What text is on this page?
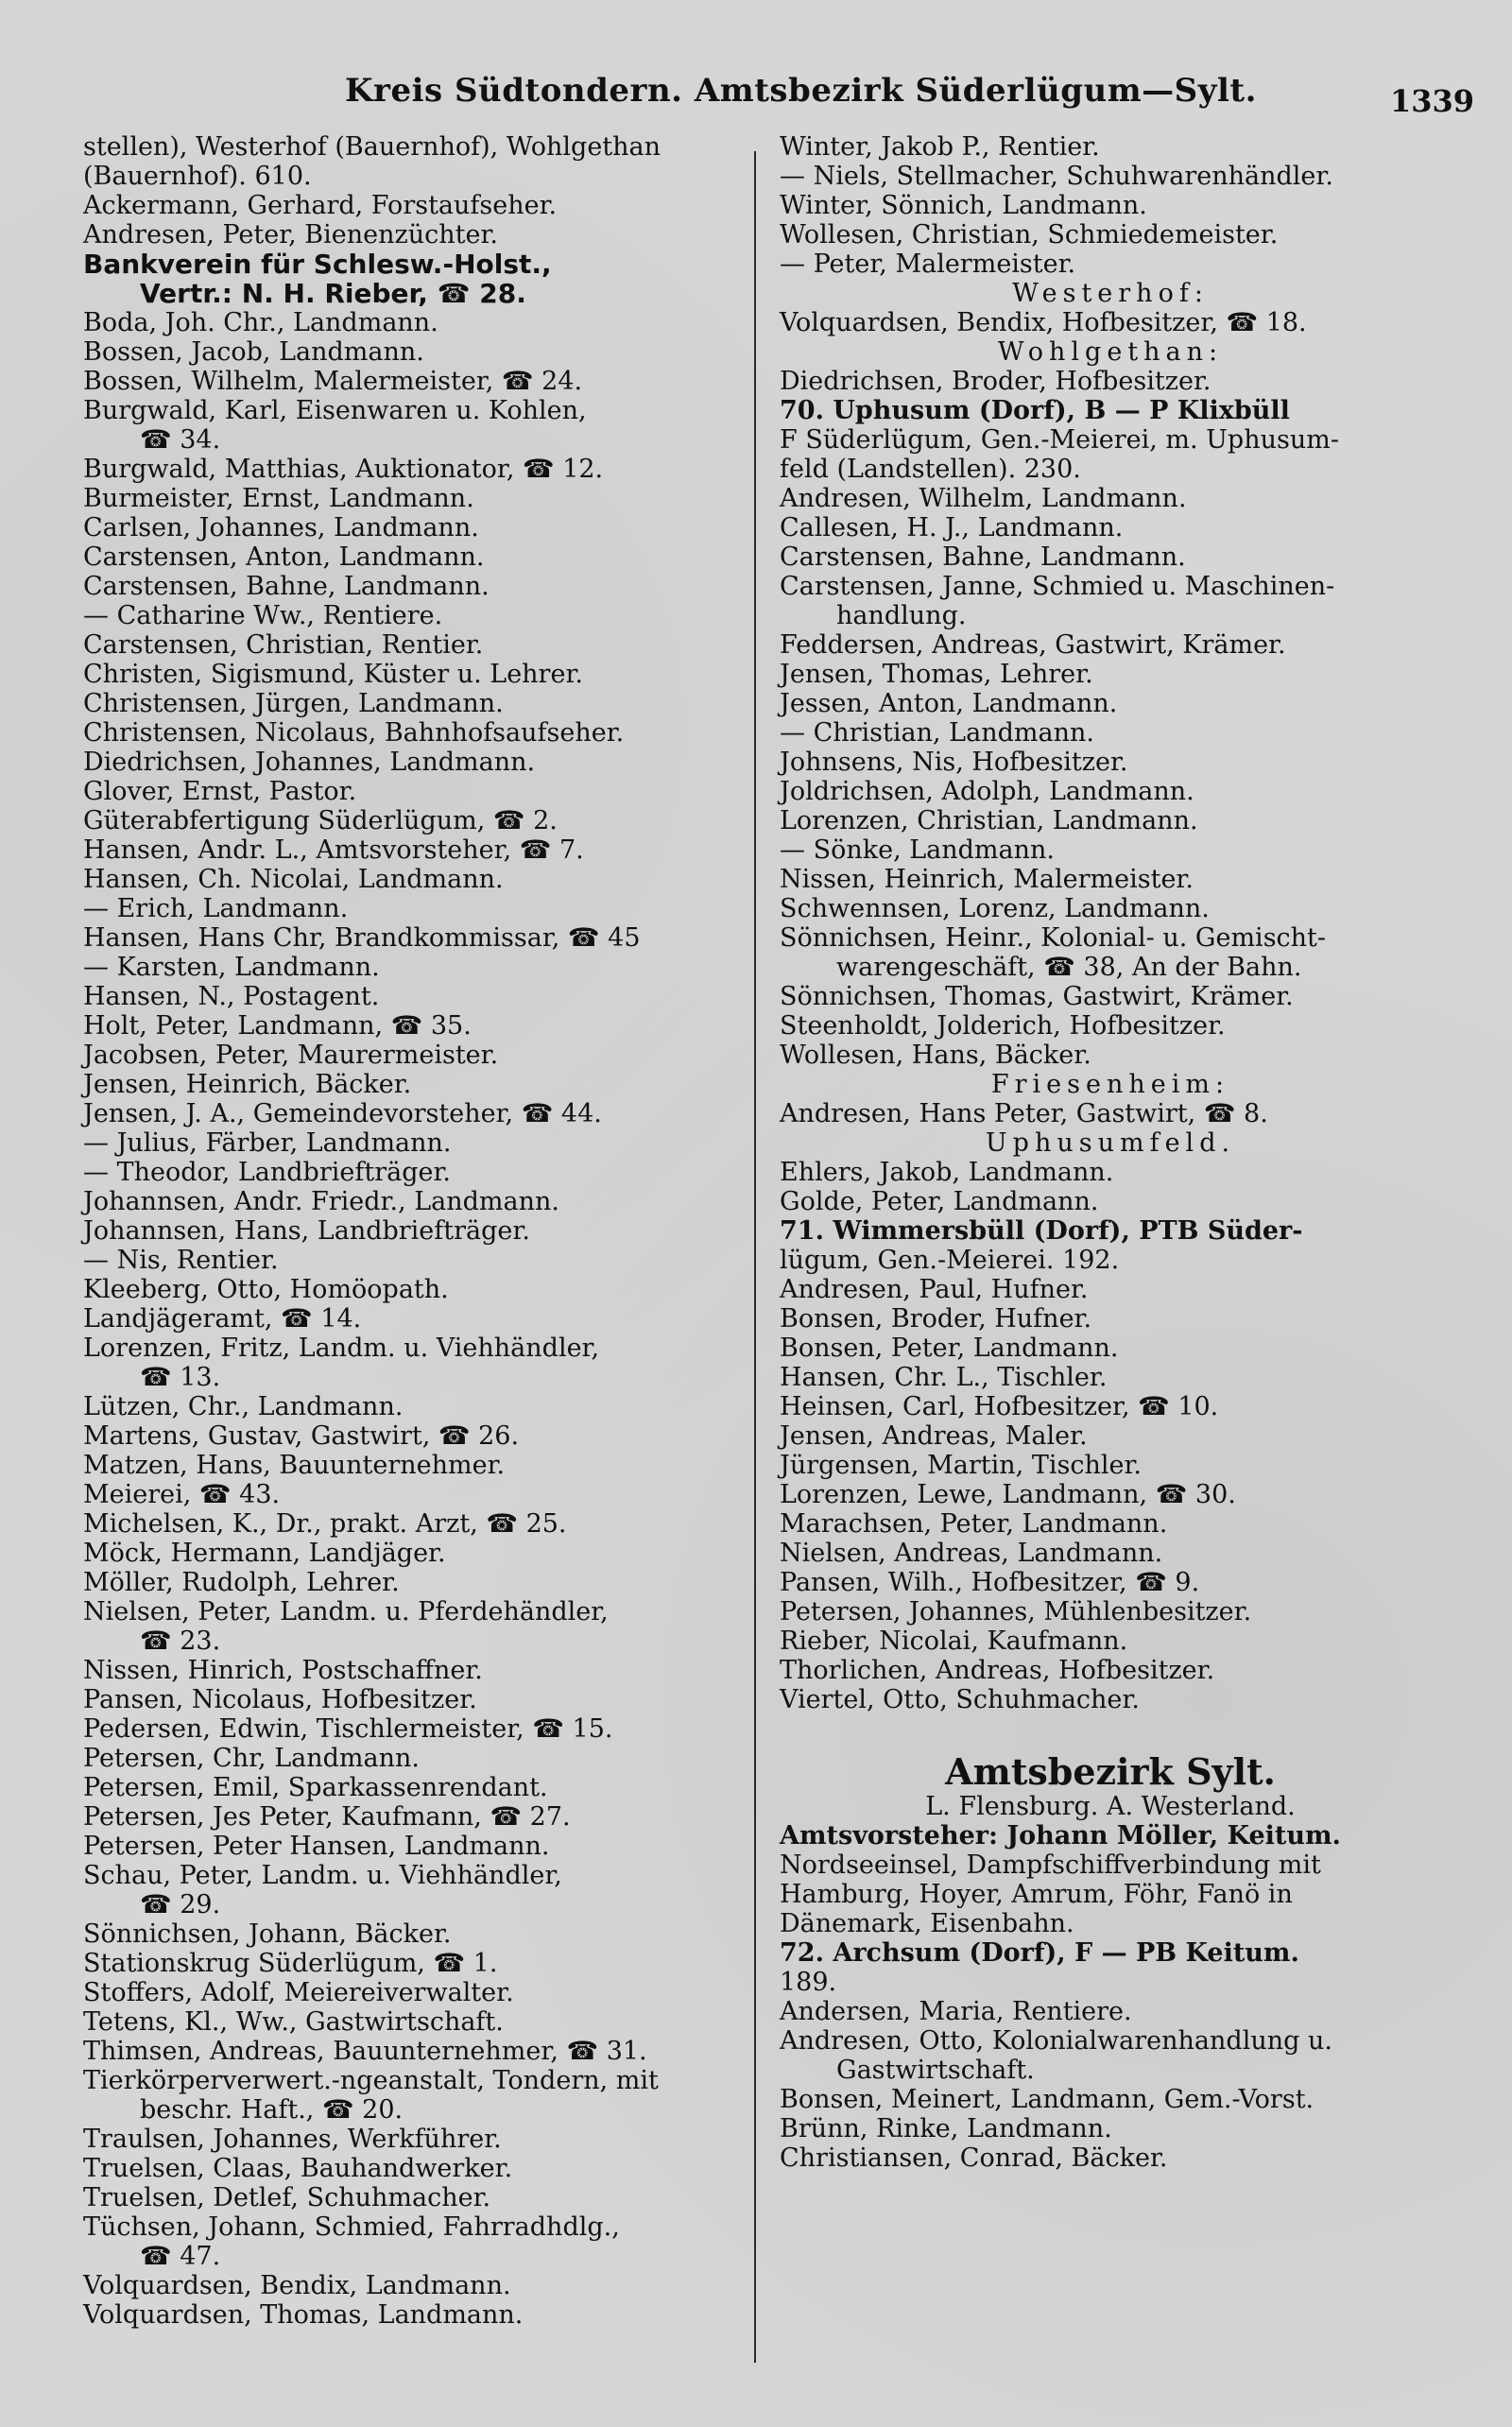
Kreis Südtondern. Amtsbezirk Süderlügum—Sylt.	1339
stellen), Westerhof (Bauernhof), Wohlgethan
(Bauernhof). 610.
Ackermann, Gerhard, Forstaufseher.
Andresen, Peter, Bienenzüchter.
Bankverein für Schlesw.-Holst.,
Vertr.: N. H. Rieber, ☎ 28.
Boda, Joh. Chr., Landmann.
Bossen, Jacob, Landmann.
Bossen, Wilhelm, Malermeister, ☎ 24.
Burgwald, Karl, Eisenwaren u. Kohlen,
☎ 34.
Burgwald, Matthias, Auktionator, ☎ 12.
Burmeister, Ernst, Landmann.
Carlsen, Johannes, Landmann.
Carstensen, Anton, Landmann.
Carstensen, Bahne, Landmann.
— Catharine Ww., Rentiere.
Carstensen, Christian, Rentier.
Christen, Sigismund, Küster u. Lehrer.
Christensen, Jürgen, Landmann.
Christensen, Nicolaus, Bahnhofsaufseher.
Diedrichsen, Johannes, Landmann.
Glover, Ernst, Pastor.
Güterabfertigung Süderlügum, ☎ 2.
Hansen, Andr. L., Amtsvorsteher, ☎ 7.
Hansen, Ch. Nicolai, Landmann.
— Erich, Landmann.
Hansen, Hans Chr, Brandkommissar, ☎ 45
— Karsten, Landmann.
Hansen, N., Postagent.
Holt, Peter, Landmann, ☎ 35.
Jacobsen, Peter, Maurermeister.
Jensen, Heinrich, Bäcker.
Jensen, J. A., Gemeindevorsteher, ☎ 44.
— Julius, Färber, Landmann.
— Theodor, Landbriefträger.
Johannsen, Andr. Friedr., Landmann.
Johannsen, Hans, Landbriefträger.
— Nis, Rentier.
Kleeberg, Otto, Homöopath.
Landjägeramt, ☎ 14.
Lorenzen, Fritz, Landm. u. Viehhändler,
☎ 13.
Lützen, Chr., Landmann.
Martens, Gustav, Gastwirt, ☎ 26.
Matzen, Hans, Bauunternehmer.
Meierei, ☎ 43.
Michelsen, K., Dr., prakt. Arzt, ☎ 25.
Möck, Hermann, Landjäger.
Möller, Rudolph, Lehrer.
Nielsen, Peter, Landm. u. Pferdehändler,
☎ 23.
Nissen, Hinrich, Postschaffner.
Pansen, Nicolaus, Hofbesitzer.
Pedersen, Edwin, Tischlermeister, ☎ 15.
Petersen, Chr, Landmann.
Petersen, Emil, Sparkassenrendant.
Petersen, Jes Peter, Kaufmann, ☎ 27.
Petersen, Peter Hansen, Landmann.
Schau, Peter, Landm. u. Viehhändler,
☎ 29.
Sönnichsen, Johann, Bäcker.
Stationskrug Süderlügum, ☎ 1.
Stoffers, Adolf, Meiereiverwalter.
Tetens, Kl., Ww., Gastwirtschaft.
Thimsen, Andreas, Bauunternehmer, ☎ 31.
Tierkörperverwert.-ngeanstalt, Tondern, mit
beschr. Haft., ☎ 20.
Traulsen, Johannes, Werkführer.
Truelsen, Claas, Bauhandwerker.
Truelsen, Detlef, Schuhmacher.
Tüchsen, Johann, Schmied, Fahrradhdlg.,
☎ 47.
Volquardsen, Bendix, Landmann.
Volquardsen, Thomas, Landmann.
Winter, Jakob P., Rentier.
— Niels, Stellmacher, Schuhwarenhändler.
Winter, Sönnich, Landmann.
Wollesen, Christian, Schmiedemeister.
— Peter, Malermeister.
Westerhof:
Volquardsen, Bendix, Hofbesitzer, ☎ 18.
Wohlgethan:
Diedrichsen, Broder, Hofbesitzer.
70. Uphusum (Dorf), B — P Klixbüll
F Süderlügum, Gen.-Meierei, m. Uphusum-
feld (Landstellen). 230.
Andresen, Wilhelm, Landmann.
Callesen, H. J., Landmann.
Carstensen, Bahne, Landmann.
Carstensen, Janne, Schmied u. Maschinen-
handlung.
Feddersen, Andreas, Gastwirt, Krämer.
Jensen, Thomas, Lehrer.
Jessen, Anton, Landmann.
— Christian, Landmann.
Johnsens, Nis, Hofbesitzer.
Joldrichsen, Adolph, Landmann.
Lorenzen, Christian, Landmann.
— Sönke, Landmann.
Nissen, Heinrich, Malermeister.
Schwennsen, Lorenz, Landmann.
Sönnichsen, Heinr., Kolonial- u. Gemischt-
warengeschäft, ☎ 38, An der Bahn.
Sönnichsen, Thomas, Gastwirt, Krämer.
Steenholdt, Jolderich, Hofbesitzer.
Wollesen, Hans, Bäcker.
Friesenheim:
Andresen, Hans Peter, Gastwirt, ☎ 8.
Uphusumfeld.
Ehlers, Jakob, Landmann.
Golde, Peter, Landmann.
71. Wimmersbüll (Dorf), PTB Süder-
lügum, Gen.-Meierei. 192.
Andresen, Paul, Hufner.
Bonsen, Broder, Hufner.
Bonsen, Peter, Landmann.
Hansen, Chr. L., Tischler.
Heinsen, Carl, Hofbesitzer, ☎ 10.
Jensen, Andreas, Maler.
Jürgensen, Martin, Tischler.
Lorenzen, Lewe, Landmann, ☎ 30.
Marachsen, Peter, Landmann.
Nielsen, Andreas, Landmann.
Pansen, Wilh., Hofbesitzer, ☎ 9.
Petersen, Johannes, Mühlenbesitzer.
Rieber, Nicolai, Kaufmann.
Thorlichen, Andreas, Hofbesitzer.
Viertel, Otto, Schuhmacher.
Amtsbezirk Sylt.
L. Flensburg. A. Westerland.
Amtsvorsteher: Johann Möller, Keitum.
Nordseeinsel, Dampfschiffverbindung mit
Hamburg, Hoyer, Amrum, Föhr, Fanö in
Dänemark, Eisenbahn.
72. Archsum (Dorf), F — PB Keitum.
189.
Andersen, Maria, Rentiere.
Andresen, Otto, Kolonialwarenhandlung u.
Gastwirtschaft.
Bonsen, Meinert, Landmann, Gem.-Vorst.
Brünn, Rinke, Landmann.
Christiansen, Conrad, Bäcker.
